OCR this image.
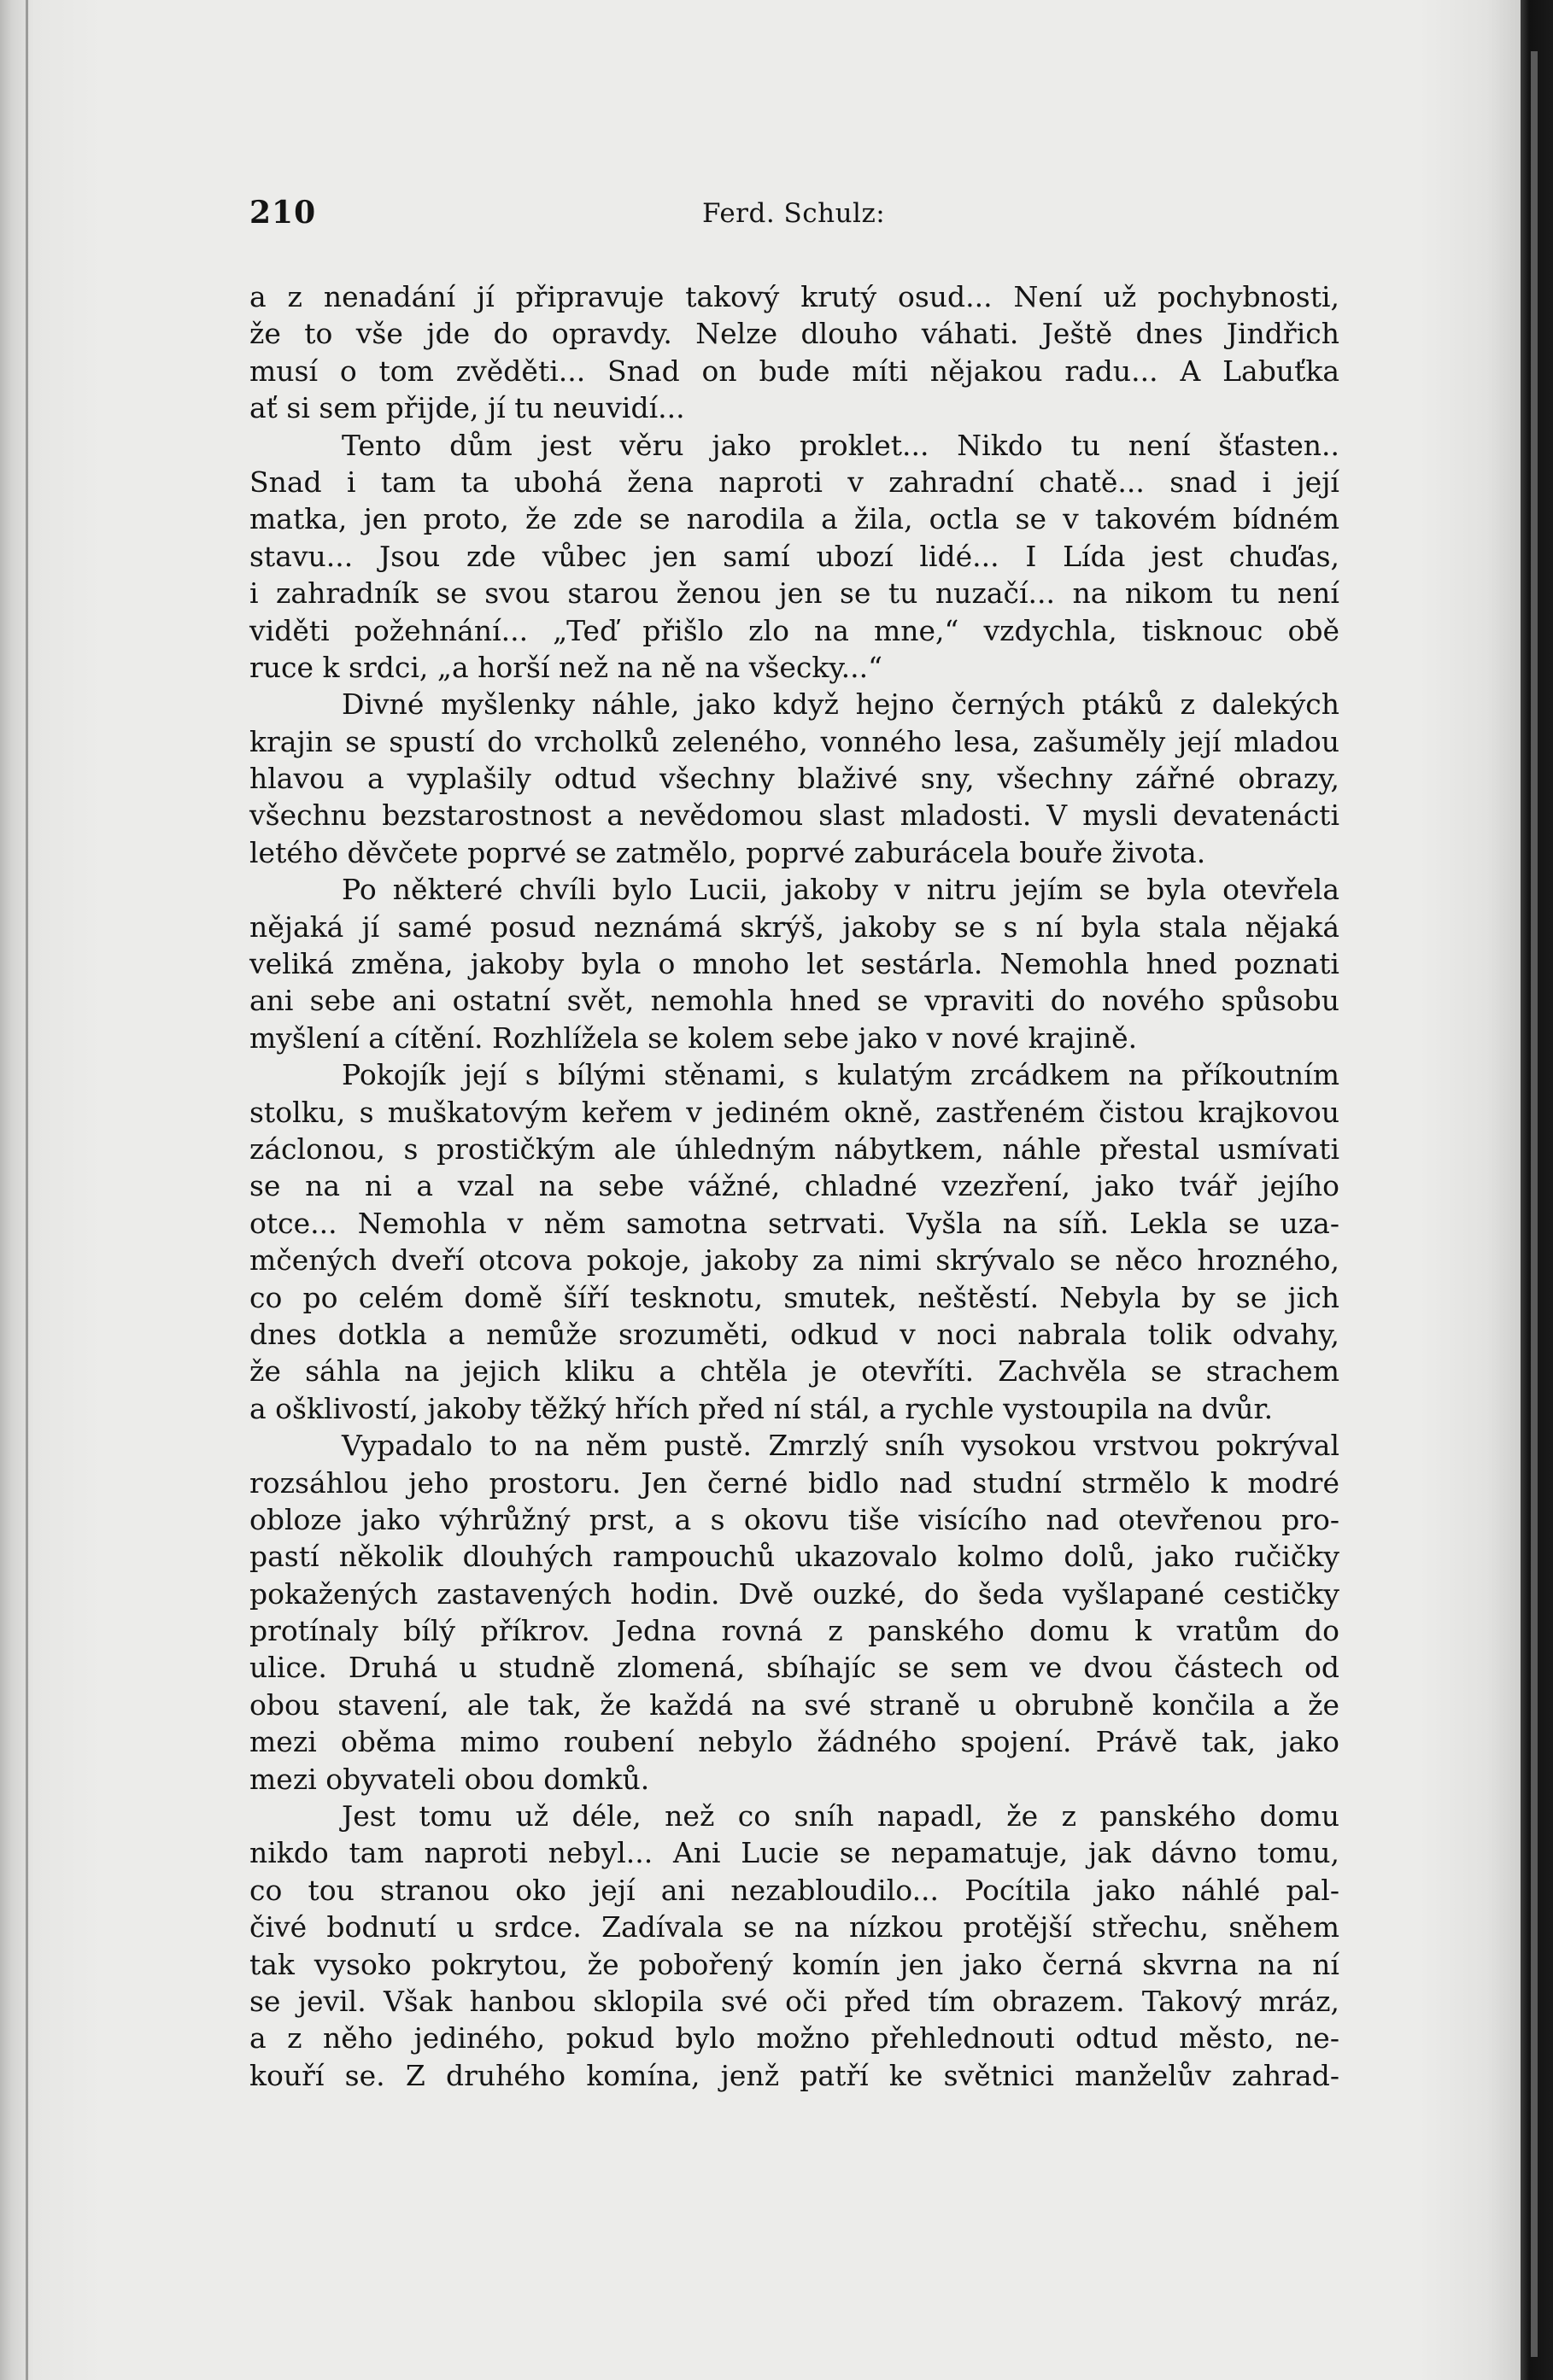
210	Ferd. Schulz:
a z nenadání jí připravuje takový krutý osud... Není už pochybnosti,
že to vše jde do opravdy. Nelze dlouho váhati. Ještě dnes Jindřich
musí o tom zvěděti... Snad on bude míti nějakou radu... A Labuťka
ať si sem přijde, jí tu neuvidí...
Tento dům jest věru jako proklet... Nikdo tu není šťasten..
Snad i tam ta ubohá žena naproti v zahradní chatě... snad i její
matka, jen proto, že zde se narodila a žila, octla se v takovém bídném
stavu... Jsou zde vůbec jen samí ubozí lidé... I Lída jest chuďas,
i zahradník se svou starou ženou jen se tu nuzačí... na nikom tu není
viděti požehnání... „Teď přišlo zlo na mne,“ vzdychla, tisknouc obě
ruce k srdci, „a horší než na ně na všecky...“
Divné myšlenky náhle, jako když hejno černých ptáků z dalekých
krajin se spustí do vrcholků zeleného, vonného lesa, zašuměly její mladou
hlavou a vyplašily odtud všechny blaživé sny, všechny zářné obrazy,
všechnu bezstarostnost a nevědomou slast mladosti. V mysli devatenácti
letého děvčete poprvé se zatmělo, poprvé zaburácela bouře života.
Po některé chvíli bylo Lucii, jakoby v nitru jejím se byla otevřela
nějaká jí samé posud neznámá skrýš, jakoby se s ní byla stala nějaká
veliká změna, jakoby byla o mnoho let sestárla. Nemohla hned poznati
ani sebe ani ostatní svět, nemohla hned se vpraviti do nového spůsobu
myšlení a cítění. Rozhlížela se kolem sebe jako v nové krajině.
Pokojík její s bílými stěnami, s kulatým zrcádkem na příkoutním
stolku, s muškatovým keřem v jediném okně, zastřeném čistou krajkovou
záclonou, s prostičkým ale úhledným nábytkem, náhle přestal usmívati
se na ni a vzal na sebe vážné, chladné vzezření, jako tvář jejího
otce... Nemohla v něm samotna setrvati. Vyšla na síň. Lekla se uza-
mčených dveří otcova pokoje, jakoby za nimi skrývalo se něco hrozného,
co po celém domě šíří tesknotu, smutek, neštěstí. Nebyla by se jich
dnes dotkla a nemůže srozuměti, odkud v noci nabrala tolik odvahy,
že sáhla na jejich kliku a chtěla je otevříti. Zachvěla se strachem
a ošklivostí, jakoby těžký hřích před ní stál, a rychle vystoupila na dvůr.
Vypadalo to na něm pustě. Zmrzlý sníh vysokou vrstvou pokrýval
rozsáhlou jeho prostoru. Jen černé bidlo nad studní strmělo k modré
obloze jako výhrůžný prst, a s okovu tiše visícího nad otevřenou pro-
pastí několik dlouhých rampouchů ukazovalo kolmo dolů, jako ručičky
pokažených zastavených hodin. Dvě ouzké, do šeda vyšlapané cestičky
protínaly bílý příkrov. Jedna rovná z panského domu k vratům do
ulice. Druhá u studně zlomená, sbíhajíc se sem ve dvou částech od
obou stavení, ale tak, že každá na své straně u obrubně končila a že
mezi oběma mimo roubení nebylo žádného spojení. Právě tak, jako
mezi obyvateli obou domků.
Jest tomu už déle, než co sníh napadl, že z panského domu
nikdo tam naproti nebyl... Ani Lucie se nepamatuje, jak dávno tomu,
co tou stranou oko její ani nezabloudilo... Pocítila jako náhlé pal-
čivé bodnutí u srdce. Zadívala se na nízkou protější střechu, sněhem
tak vysoko pokrytou, že pobořený komín jen jako černá skvrna na ní
se jevil. Však hanbou sklopila své oči před tím obrazem. Takový mráz,
a z něho jediného, pokud bylo možno přehlednouti odtud město, ne-
kouří se. Z druhého komína, jenž patří ke světnici manželův zahrad-
